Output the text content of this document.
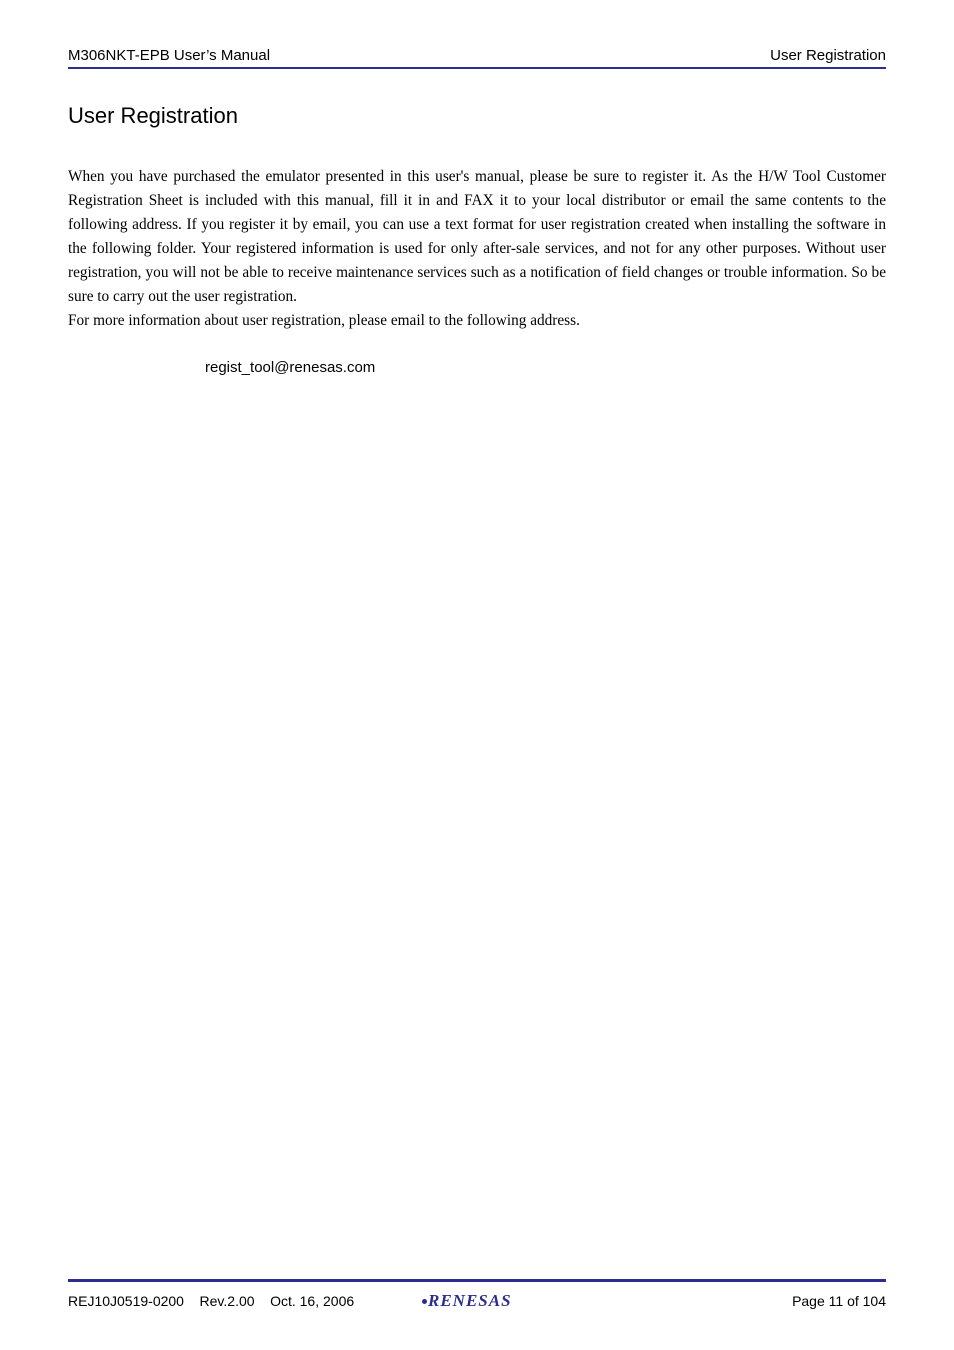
M306NKT-EPB User’s Manual	User Registration
User Registration

When you have purchased the emulator presented in this user's manual, please be sure to register it. As the H/W Tool Customer Registration Sheet is included with this manual, fill it in and FAX it to your local distributor or email the same contents to the following address. If you register it by email, you can use a text format for user registration created when installing the software in the following folder. Your registered information is used for only after-sale services, and not for any other purposes. Without user registration, you will not be able to receive maintenance services such as a notification of field changes or trouble information. So be sure to carry out the user registration.

For more information about user registration, please email to the following address.

regist_tool@renesas.com
REJ10J0519-0200    Rev.2.00    Oct. 16, 2006	RENESAS	Page 11 of 104
